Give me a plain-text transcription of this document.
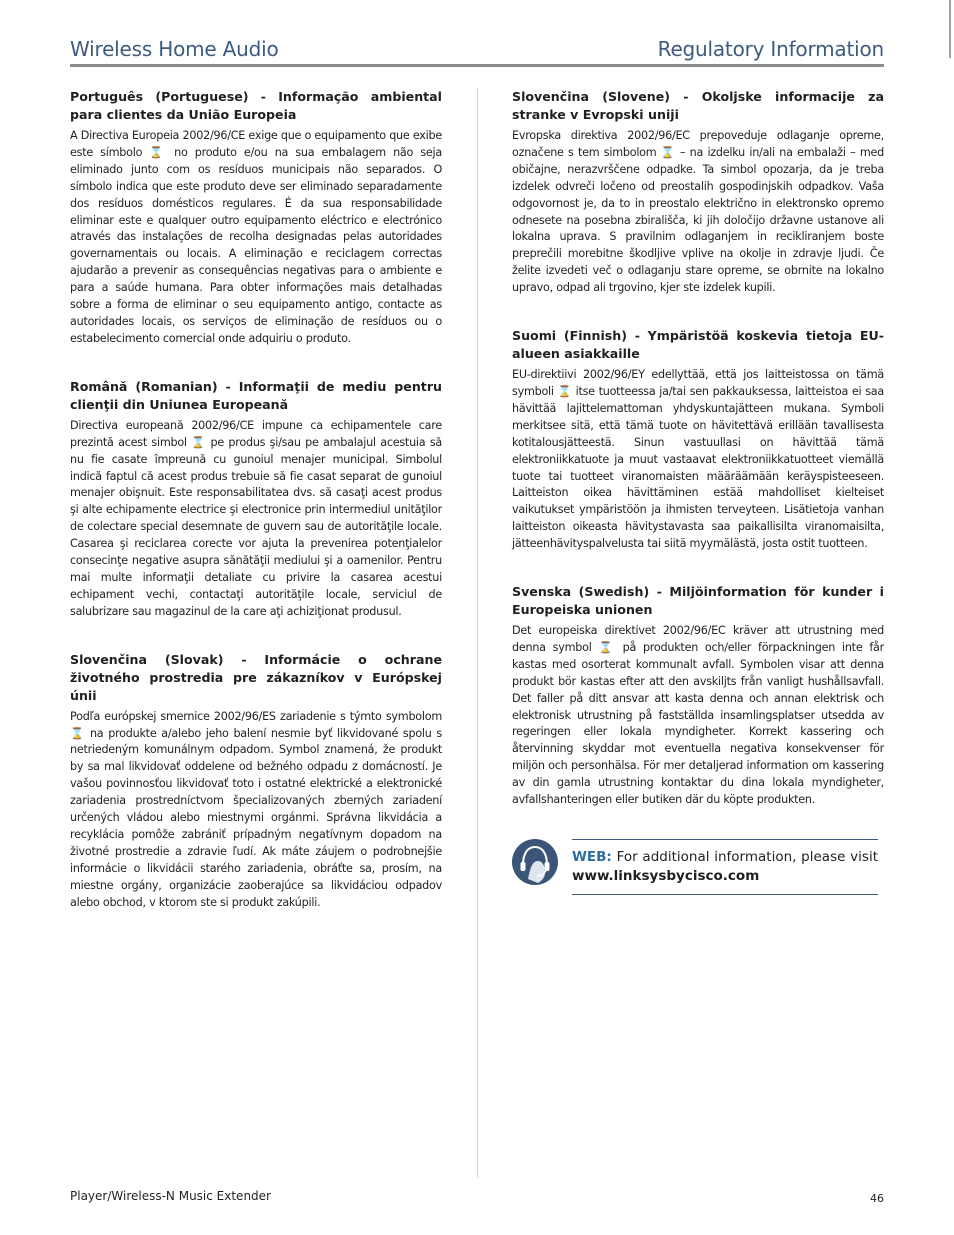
Wireless Home Audio	Regulatory Information
Português (Portuguese) - Informação ambiental para clientes da União Europeia

A Directiva Europeia 2002/96/CE exige que o equipamento que exibe este símbolo ⌛ no produto e/ou na sua embalagem não seja eliminado junto com os resíduos municipais não separados. O símbolo indica que este produto deve ser eliminado separadamente dos resíduos domésticos regulares. É da sua responsabilidade eliminar este e qualquer outro equipamento eléctrico e electrónico através das instalações de recolha designadas pelas autoridades governamentais ou locais. A eliminação e reciclagem correctas ajudarão a prevenir as consequências negativas para o ambiente e para a saúde humana. Para obter informações mais detalhadas sobre a forma de eliminar o seu equipamento antigo, contacte as autoridades locais, os serviços de eliminação de resíduos ou o estabelecimento comercial onde adquiriu o produto.

Română (Romanian) - Informaţii de mediu pentru clienţii din Uniunea Europeană

Directiva europeană 2002/96/CE impune ca echipamentele care prezintă acest simbol ⌛ pe produs şi/sau pe ambalajul acestuia să nu fie casate împreună cu gunoiul menajer municipal. Simbolul indică faptul că acest produs trebuie să fie casat separat de gunoiul menajer obişnuit. Este responsabilitatea dvs. să casaţi acest produs şi alte echipamente electrice şi electronice prin intermediul unităţilor de colectare special desemnate de guvern sau de autorităţile locale. Casarea şi reciclarea corecte vor ajuta la prevenirea potenţialelor consecinţe negative asupra sănătăţii mediului şi a oamenilor. Pentru mai multe informaţii detaliate cu privire la casarea acestui echipament vechi, contactaţi autorităţile locale, serviciul de salubrizare sau magazinul de la care aţi achiziţionat produsul.

Slovenčina (Slovak) - Informácie o ochrane životného prostredia pre zákazníkov v Európskej únii

Podľa európskej smernice 2002/96/ES zariadenie s týmto symbolom ⌛ na produkte a/alebo jeho balení nesmie byť likvidované spolu s netriedeným komunálnym odpadom. Symbol znamená, že produkt by sa mal likvidovať oddelene od bežného odpadu z domácností. Je vašou povinnosťou likvidovať toto i ostatné elektrické a elektronické zariadenia prostredníctvom špecializovaných zberných zariadení určených vládou alebo miestnymi orgánmi. Správna likvidácia a recyklácia pomôže zabrániť prípadným negatívnym dopadom na životné prostredie a zdravie ľudí. Ak máte záujem o podrobnejšie informácie o likvidácii starého zariadenia, obráťte sa, prosím, na miestne orgány, organizácie zaoberajúce sa likvidáciou odpadov alebo obchod, v ktorom ste si produkt zakúpili.

Slovenčina (Slovene) - Okoljske informacije za stranke v Evropski uniji

Evropska direktiva 2002/96/EC prepoveduje odlaganje opreme, označene s tem simbolom ⌛ – na izdelku in/ali na embalaži – med običajne, nerazvrščene odpadke. Ta simbol opozarja, da je treba izdelek odvreči ločeno od preostalih gospodinjskih odpadkov. Vaša odgovornost je, da to in preostalo električno in elektronsko opremo odnesete na posebna zbirališča, ki jih določijo državne ustanove ali lokalna uprava. S pravilnim odlaganjem in recikliranjem boste preprečili morebitne škodljive vplive na okolje in zdravje ljudi. Če želite izvedeti več o odlaganju stare opreme, se obrnite na lokalno upravo, odpad ali trgovino, kjer ste izdelek kupili.

Suomi (Finnish) - Ympäristöä koskevia tietoja EU-alueen asiakkaille

EU-direktiivi 2002/96/EY edellyttää, että jos laitteistossa on tämä symboli ⌛ itse tuotteessa ja/tai sen pakkauksessa, laitteistoa ei saa hävittää lajittelemattoman yhdyskuntajätteen mukana. Symboli merkitsee sitä, että tämä tuote on hävitettävä erillään tavallisesta kotitalousjätteestä. Sinun vastuullasi on hävittää tämä elektroniikkatuote ja muut vastaavat elektroniikkatuotteet viemällä tuote tai tuotteet viranomaisten määräämään keräyspisteeseen. Laitteiston oikea hävittäminen estää mahdolliset kielteiset vaikutukset ympäristöön ja ihmisten terveyteen. Lisätietoja vanhan laitteiston oikeasta hävitystavasta saa paikallisilta viranomaisilta, jätteenhävityspalvelusta tai siitä myymälästä, josta ostit tuotteen.

Svenska (Swedish) - Miljöinformation för kunder i Europeiska unionen

Det europeiska direktivet 2002/96/EC kräver att utrustning med denna symbol ⌛ på produkten och/eller förpackningen inte får kastas med osorterat kommunalt avfall. Symbolen visar att denna produkt bör kastas efter att den avskiljts från vanligt hushållsavfall. Det faller på ditt ansvar att kasta denna och annan elektrisk och elektronisk utrustning på fastställda insamlingsplatser utsedda av regeringen eller lokala myndigheter. Korrekt kassering och återvinning skyddar mot eventuella negativa konsekvenser för miljön och personhälsa. För mer detaljerad information om kassering av din gamla utrustning kontaktar du dina lokala myndigheter, avfallshanteringen eller butiken där du köpte produkten.

WEB: For additional information, please visit www.linksysbycisco.com
Player/Wireless-N Music Extender	46
